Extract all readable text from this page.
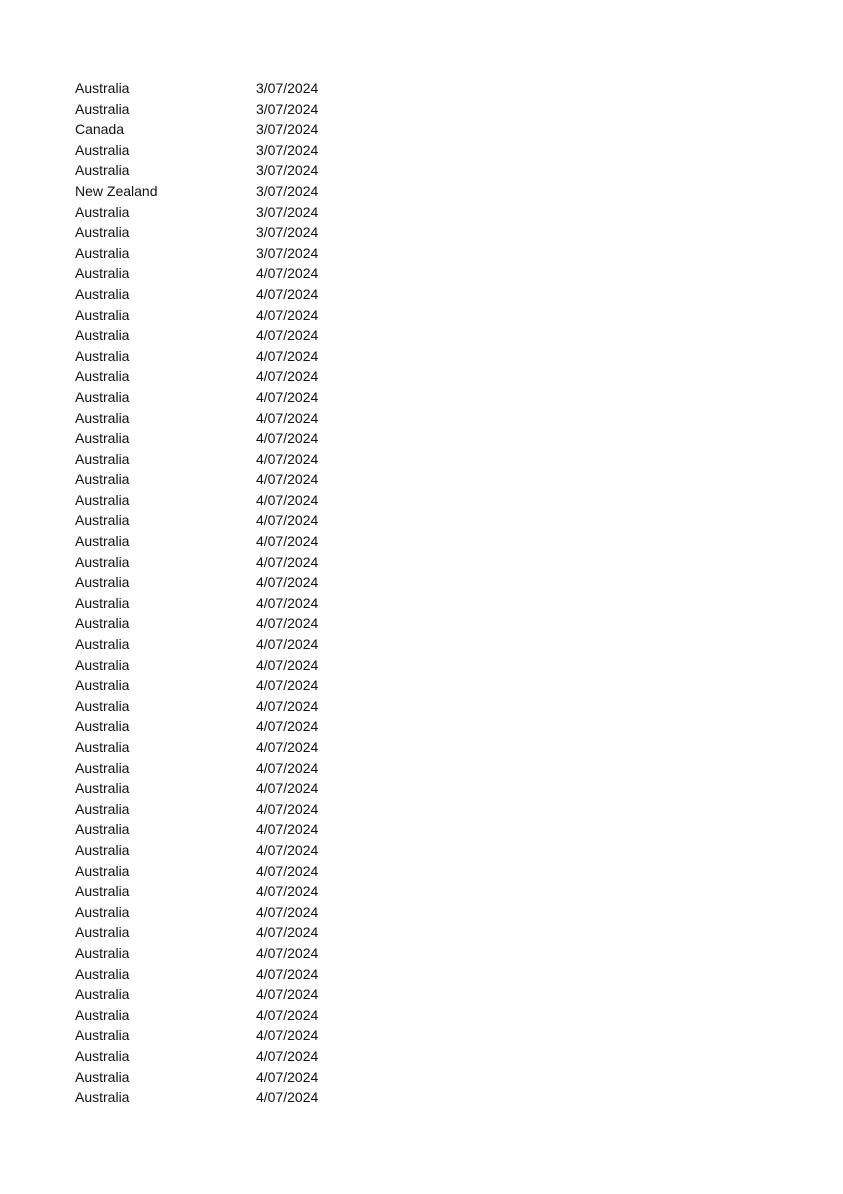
Australia	3/07/2024
Australia	3/07/2024
Canada	3/07/2024
Australia	3/07/2024
Australia	3/07/2024
New Zealand	3/07/2024
Australia	3/07/2024
Australia	3/07/2024
Australia	3/07/2024
Australia	4/07/2024
Australia	4/07/2024
Australia	4/07/2024
Australia	4/07/2024
Australia	4/07/2024
Australia	4/07/2024
Australia	4/07/2024
Australia	4/07/2024
Australia	4/07/2024
Australia	4/07/2024
Australia	4/07/2024
Australia	4/07/2024
Australia	4/07/2024
Australia	4/07/2024
Australia	4/07/2024
Australia	4/07/2024
Australia	4/07/2024
Australia	4/07/2024
Australia	4/07/2024
Australia	4/07/2024
Australia	4/07/2024
Australia	4/07/2024
Australia	4/07/2024
Australia	4/07/2024
Australia	4/07/2024
Australia	4/07/2024
Australia	4/07/2024
Australia	4/07/2024
Australia	4/07/2024
Australia	4/07/2024
Australia	4/07/2024
Australia	4/07/2024
Australia	4/07/2024
Australia	4/07/2024
Australia	4/07/2024
Australia	4/07/2024
Australia	4/07/2024
Australia	4/07/2024
Australia	4/07/2024
Australia	4/07/2024
Australia	4/07/2024
